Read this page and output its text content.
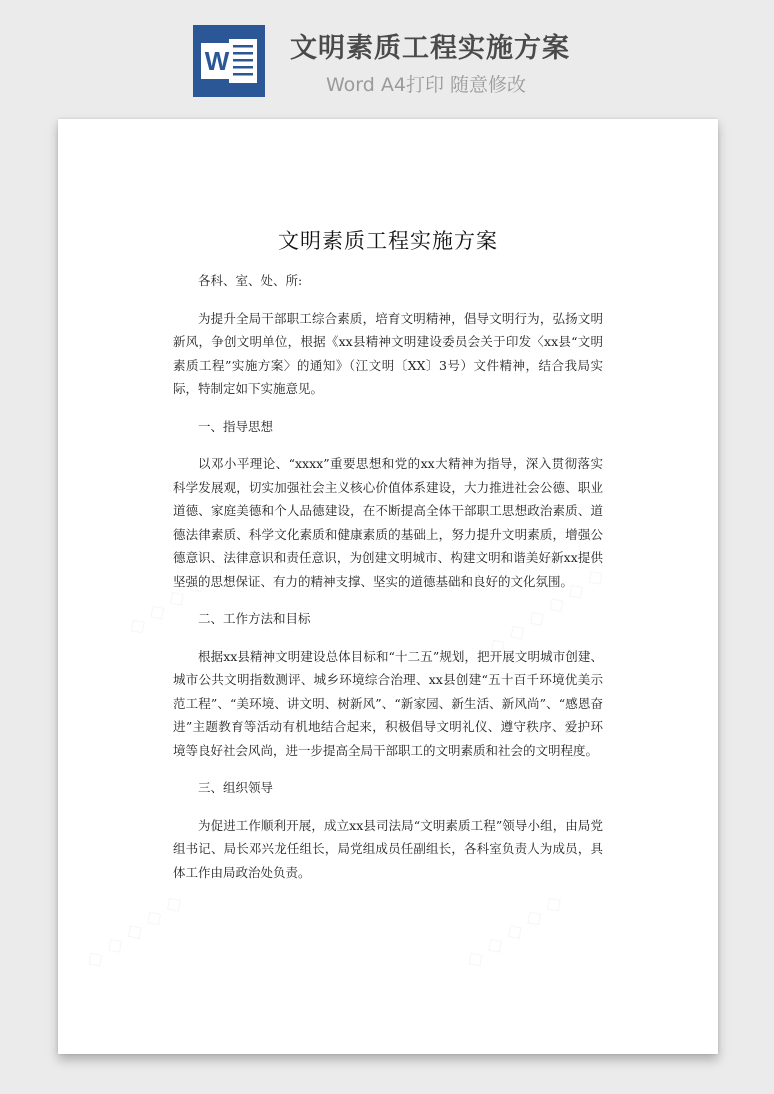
W 文明素质工程实施方案
Word A4打印 随意修改
文明素质工程实施方案

各科、室、处、所:

为提升全局干部职工综合素质，培育文明精神，倡导文明行为，弘扬文明新风，争创文明单位，根据《xx县精神文明建设委员会关于印发〈xx县“文明素质工程”实施方案〉的通知》（江文明〔XX〕3号）文件精神，结合我局实际，特制定如下实施意见。

一、指导思想

以邓小平理论、“xxxx”重要思想和党的xx大精神为指导，深入贯彻落实科学发展观，切实加强社会主义核心价值体系建设，大力推进社会公德、职业道德、家庭美德和个人品德建设，在不断提高全体干部职工思想政治素质、道德法律素质、科学文化素质和健康素质的基础上，努力提升文明素质，增强公德意识、法律意识和责任意识，为创建文明城市、构建文明和谐美好新xx提供坚强的思想保证、有力的精神支撑、坚实的道德基础和良好的文化氛围。

二、工作方法和目标

根据xx县精神文明建设总体目标和“十二五”规划，把开展文明城市创建、城市公共文明指数测评、城乡环境综合治理、xx县创建“五十百千环境优美示范工程”、“美环境、讲文明、树新风”、“新家园、新生活、新风尚”、“感恩奋进”主题教育等活动有机地结合起来，积极倡导文明礼仪、遵守秩序、爱护环境等良好社会风尚，进一步提高全局干部职工的文明素质和社会的文明程度。

三、组织领导

为促进工作顺利开展，成立xx县司法局“文明素质工程”领导小组，由局党组书记、局长邓兴龙任组长，局党组成员任副组长，各科室负责人为成员，具体工作由局政治处负责。
